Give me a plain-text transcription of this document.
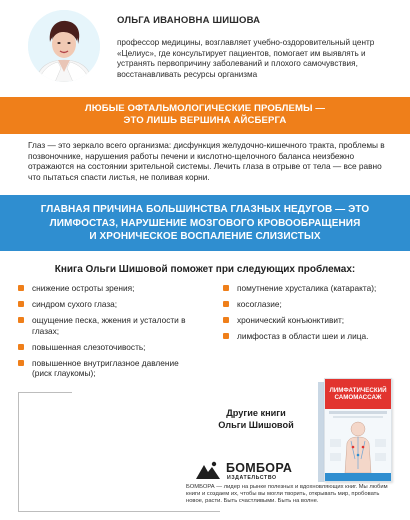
ОЛЬГА ИВАНОВНА ШИШОВА
профессор медицины, возглавляет учебно-оздоровительный центр «Целиус», где консультирует пациентов, помогает им выявлять и устранять первопричину заболеваний и плохого самочувствия, восстанавливать ресурсы организма
ЛЮБЫЕ ОФТАЛЬМОЛОГИЧЕСКИЕ ПРОБЛЕМЫ —
ЭТО ЛИШЬ ВЕРШИНА АЙСБЕРГА

Глаз — это зеркало всего организма: дисфункция желудочно-кишечного тракта, проблемы в позвоночнике, нарушения работы печени и кислотно-щелочного баланса неизбежно отражаются на состоянии зрительной системы. Лечить глаза в отрыве от тела — все равно что пытаться спасти листья, не поливая корни.

ГЛАВНАЯ ПРИЧИНА БОЛЬШИНСТВА ГЛАЗНЫХ НЕДУГОВ — ЭТО
ЛИМФОСТАЗ, НАРУШЕНИЕ МОЗГОВОГО КРОВООБРАЩЕНИЯ
И ХРОНИЧЕСКОЕ ВОСПАЛЕНИЕ СЛИЗИСТЫХ
Книга Ольги Шишовой поможет при следующих проблемах:
снижение остроты зрения;
синдром сухого глаза;
ощущение песка, жжения и усталости в глазах;
повышенная слезоточивость;
повышенное внутриглазное давление (риск глаукомы);
помутнение хрусталика (катаракта);
косоглазие;
хронический конъюнктивит;
лимфостаз в области шеи и лица.
Другие книги
Ольги Шишовой
ЛИМФАТИЧЕСКИЙ
САМОМАССАЖ
БОМБОРА
ИЗДАТЕЛЬСТВО
БОМБОРА — лидер на рынке полезных и вдохновляющих книг. Мы любим книги и создаем их, чтобы вы могли творить, открывать мир, пробовать новое, расти. Быть счастливыми. Быть на волне.
